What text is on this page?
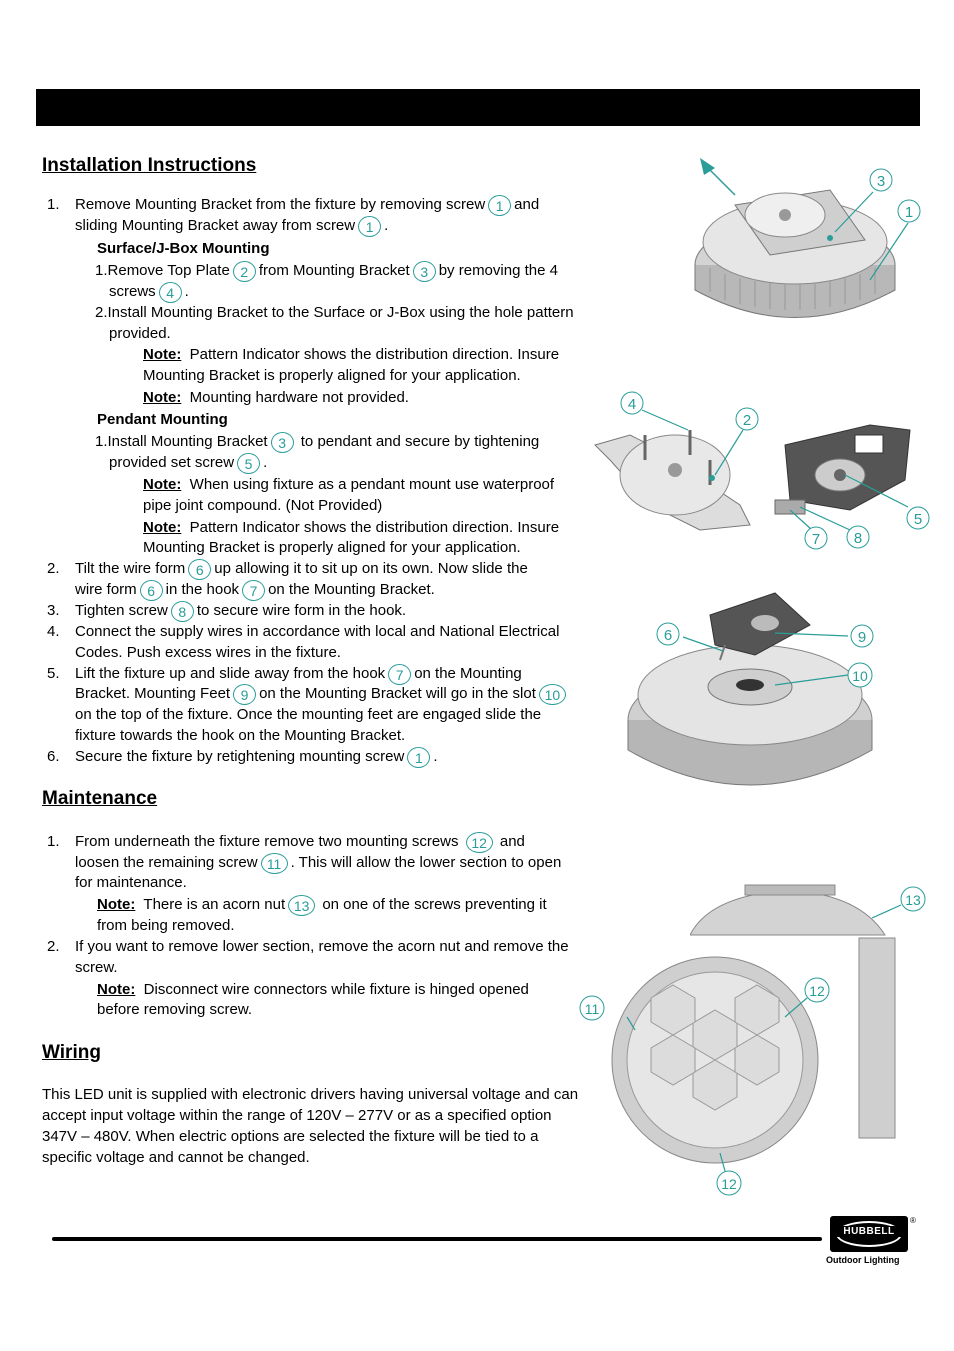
Installation Instructions
1. Remove Mounting Bracket from the fixture by removing screw 1 and
sliding Mounting Bracket away from screw 1 .
Surface/J-Box Mounting
1.Remove Top Plate 2 from Mounting Bracket 3 by removing the 4
screws 4 .
2.Install Mounting Bracket to the Surface or J-Box using the hole pattern
provided.
Note: Pattern Indicator shows the distribution direction. Insure
Mounting Bracket is properly aligned for your application.
Note: Mounting hardware not provided.
Pendant Mounting
1.Install Mounting Bracket 3 to pendant and secure by tightening
provided set screw 5 .
Note: When using fixture as a pendant mount use waterproof
pipe joint compound. (Not Provided)
Note: Pattern Indicator shows the distribution direction. Insure
Mounting Bracket is properly aligned for your application.
2. Tilt the wire form 6 up allowing it to sit up on its own. Now slide the
wire form 6 in the hook 7 on the Mounting Bracket.
3. Tighten screw 8 to secure wire form in the hook.
4. Connect the supply wires in accordance with local and National Electrical
Codes. Push excess wires in the fixture.
5. Lift the fixture up and slide away from the hook 7 on the Mounting
Bracket. Mounting Feet 9 on the Mounting Bracket will go in the slot 10
on the top of the fixture. Once the mounting feet are engaged slide the
fixture towards the hook on the Mounting Bracket.
6. Secure the fixture by retightening mounting screw 1 .
Maintenance
1. From underneath the fixture remove two mounting screws 12 and
loosen the remaining screw 11 . This will allow the lower section to open
for maintenance.
Note: There is an acorn nut 13 on one of the screws preventing it
from being removed.
2. If you want to remove lower section, remove the acorn nut and remove the
screw.
Note: Disconnect wire connectors while fixture is hinged opened
before removing screw.
Wiring
This LED unit is supplied with electronic drivers having universal voltage and can
accept input voltage within the range of 120V – 277V or as a specified option
347V – 480V. When electric options are selected the fixture will be tied to a
specific voltage and cannot be changed.
3
1
4
2
5
7 8
6	9
10
13
11
12
12
HUBBELL
®
Outdoor Lighting
